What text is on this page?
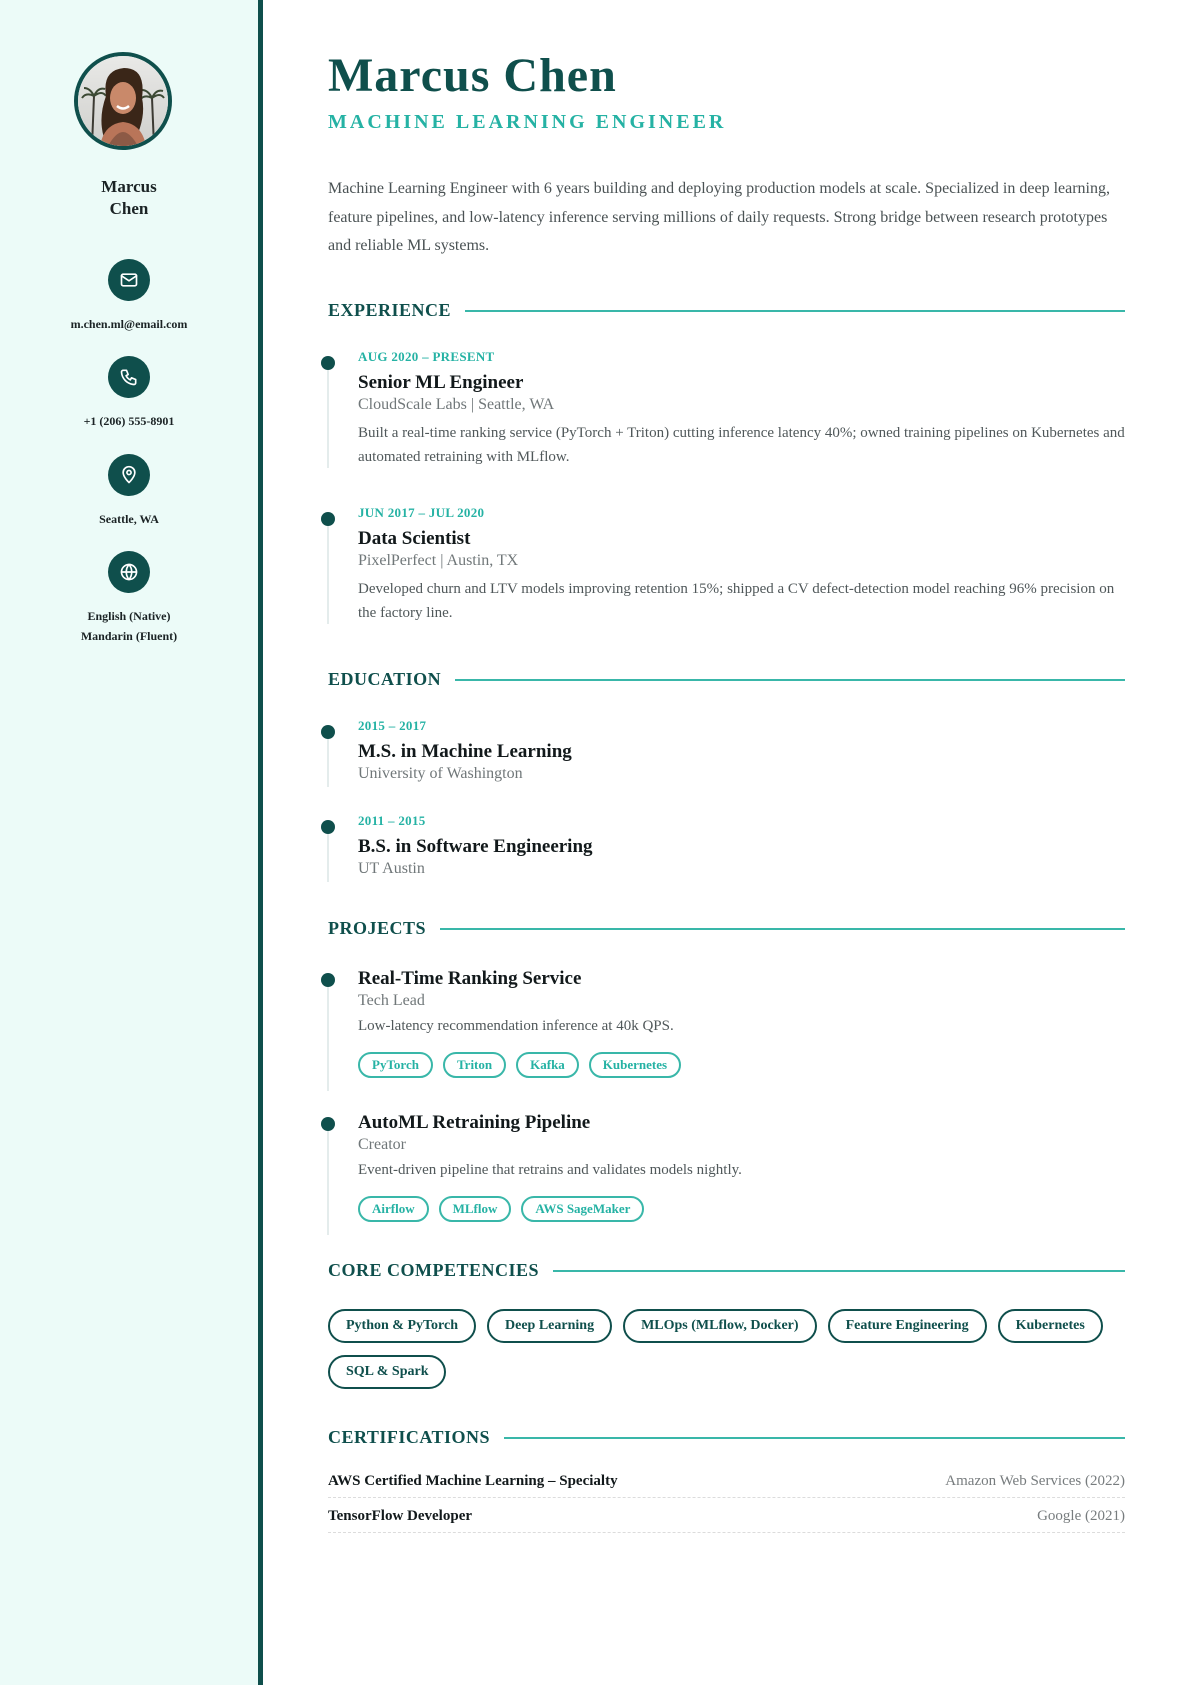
Marcus
Chen
m.chen.ml@email.com
+1 (206) 555-8901
Seattle, WA
English (Native)
Mandarin (Fluent)
Marcus Chen
MACHINE LEARNING ENGINEER
Machine Learning Engineer with 6 years building and deploying production models at scale. Specialized in deep learning, feature pipelines, and low-latency inference serving millions of daily requests. Strong bridge between research prototypes and reliable ML systems.
EXPERIENCE
AUG 2020 – PRESENT
Senior ML Engineer
CloudScale Labs | Seattle, WA
Built a real-time ranking service (PyTorch + Triton) cutting inference latency 40%; owned training pipelines on Kubernetes and automated retraining with MLflow.
JUN 2017 – JUL 2020
Data Scientist
PixelPerfect | Austin, TX
Developed churn and LTV models improving retention 15%; shipped a CV defect-detection model reaching 96% precision on the factory line.
EDUCATION
2015 – 2017
M.S. in Machine Learning
University of Washington
2011 – 2015
B.S. in Software Engineering
UT Austin
PROJECTS
Real-Time Ranking Service
Tech Lead
Low-latency recommendation inference at 40k QPS.
PyTorch	Triton	Kafka	Kubernetes
AutoML Retraining Pipeline
Creator
Event-driven pipeline that retrains and validates models nightly.
Airflow	MLflow	AWS SageMaker
CORE COMPETENCIES
Python & PyTorch	Deep Learning	MLOps (MLflow, Docker)	Feature Engineering	Kubernetes
SQL & Spark
CERTIFICATIONS
AWS Certified Machine Learning – Specialty	Amazon Web Services (2022)
TensorFlow Developer	Google (2021)
